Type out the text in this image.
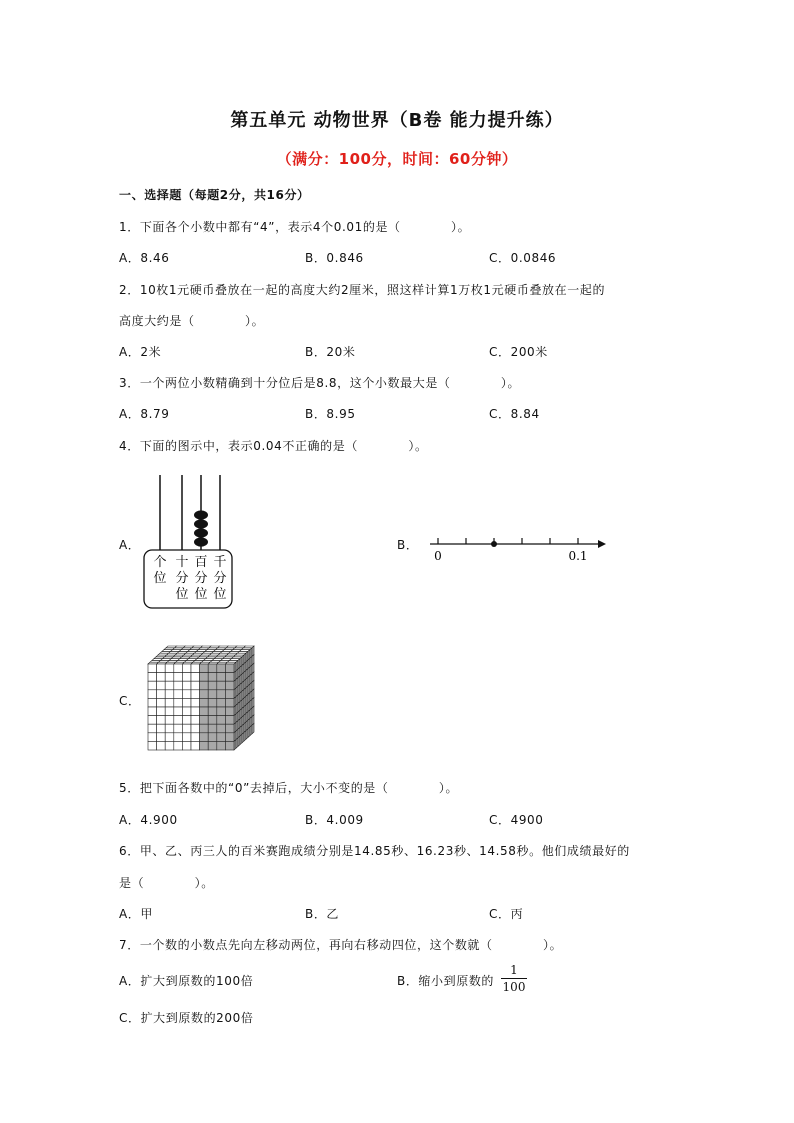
第五单元 动物世界（B卷 能力提升练）
（满分：100分，时间：60分钟）
一、选择题（每题2分，共16分）
1．下面各个小数中都有“4”，表示4个0.01的是（　　　　）。
A．8.46	B．0.846	C．0.0846
2．10枚1元硬币叠放在一起的高度大约2厘米，照这样计算1万枚1元硬币叠放在一起的
高度大约是（　　　　）。
A．2米	B．20米	C．200米
3．一个两位小数精确到十分位后是8.8，这个小数最大是（　　　　）。
A．8.79	B．8.95	C．8.84
4．下面的图示中，表示0.04不正确的是（　　　　）。
A．
个位
十分位
百分位
千分位
B．
0	0.1
C．
5．把下面各数中的“0”去掉后，大小不变的是（　　　　）。
A．4.900	B．4.009	C．4900
6．甲、乙、丙三人的百米赛跑成绩分别是14.85秒、16.23秒、14.58秒。他们成绩最好的
是（　　　　）。
A．甲	B．乙	C．丙
7．一个数的小数点先向左移动两位，再向右移动四位，这个数就（　　　　）。
A．扩大到原数的100倍	B．缩小到原数的
1
100
C．扩大到原数的200倍
